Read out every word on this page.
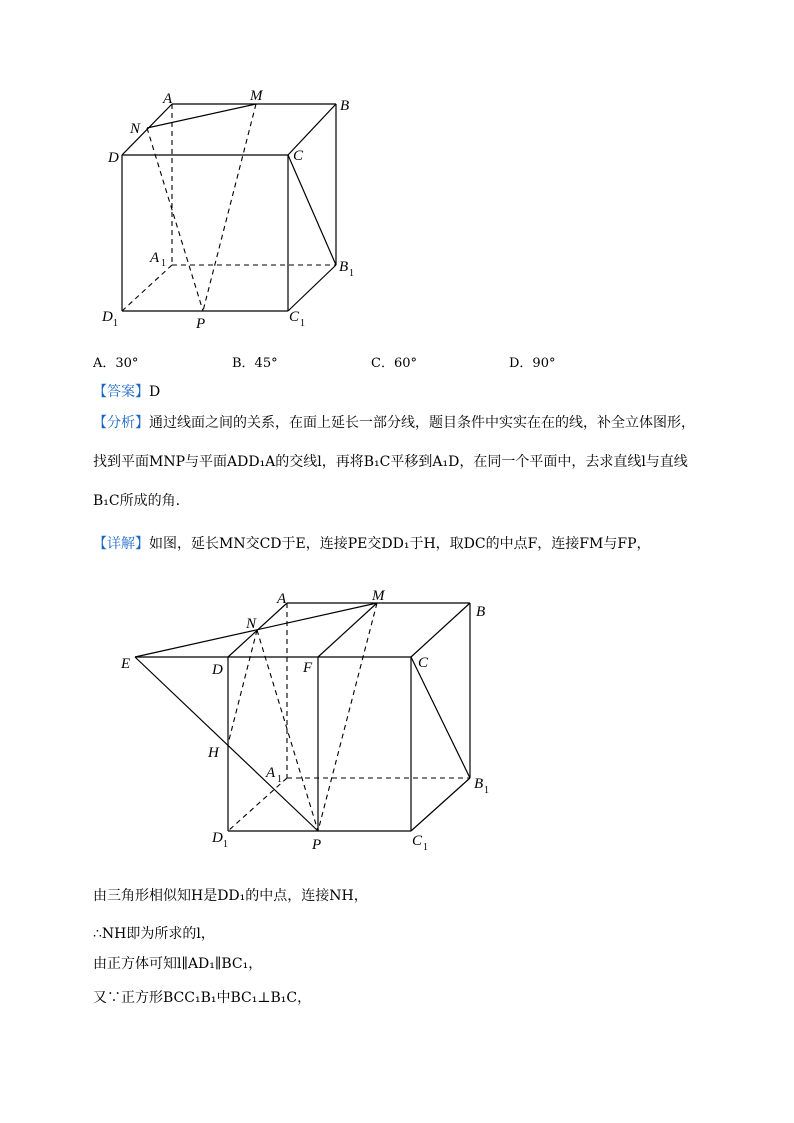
A	M
B
N
D	C
A 1	B 1
D 1	P	C 1
A．30°	B．45°	C．60°	D．90°
【答案】D
【分析】通过线面之间的关系，在面上延长一部分线，题目条件中实实在在的线，补全立体图形，
找到平面MNP与平面ADD₁A的交线l，再将B₁C平移到A₁D，在同一个平面中，去求直线l与直线
B₁C所成的角.
【详解】如图，延长MN交CD于E，连接PE交DD₁于H，取DC的中点F，连接FM与FP，
A	M
B
N
E	D	F	C
H
A 1	B 1
D 1	P	C 1
由三角形相似知H是DD₁的中点，连接NH，
∴NH即为所求的l，
由正方体可知l∥AD₁∥BC₁，
又∵正方形BCC₁B₁中BC₁⊥B₁C，
